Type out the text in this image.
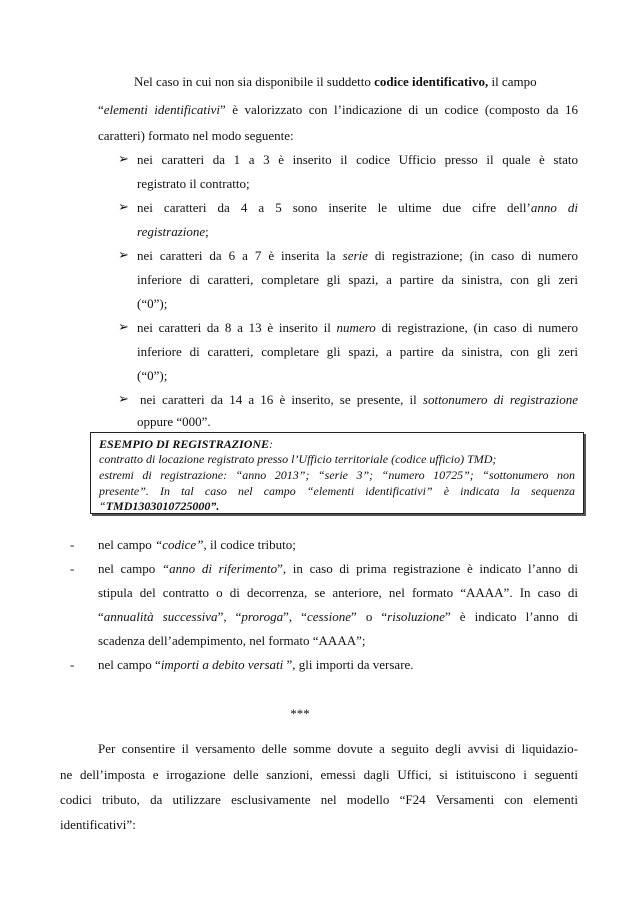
Nel caso in cui non sia disponibile il suddetto codice identificativo, il campo
“elementi identificativi” è valorizzato con l’indicazione di un codice (composto da 16
caratteri) formato nel modo seguente:
➢ nei caratteri da 1 a 3 è inserito il codice Ufficio presso il quale è stato
registrato il contratto;
➢ nei caratteri da 4 a 5 sono inserite le ultime due cifre dell’anno di
registrazione;
➢ nei caratteri da 6 a 7 è inserita la serie di registrazione; (in caso di numero
inferiore di caratteri, completare gli spazi, a partire da sinistra, con gli zeri
(“0”);
➢ nei caratteri da 8 a 13 è inserito il numero di registrazione, (in caso di numero
inferiore di caratteri, completare gli spazi, a partire da sinistra, con gli zeri
(“0”);
➢ nei caratteri da 14 a 16 è inserito, se presente, il sottonumero di registrazione
oppure “000”.
ESEMPIO DI REGISTRAZIONE:
contratto di locazione registrato presso l’Ufficio territoriale (codice ufficio) TMD;
estremi di registrazione: “anno 2013”; “serie 3”; “numero 10725”; “sottonumero non
presente”. In tal caso nel campo “elementi identificativi” è indicata la sequenza
“TMD1303010725000”.
- nel campo “codice”, il codice tributo;
- nel campo “anno di riferimento”, in caso di prima registrazione è indicato l’anno di
stipula del contratto o di decorrenza, se anteriore, nel formato “AAAA”. In caso di
“annualità successiva”, “proroga”, “cessione” o “risoluzione” è indicato l’anno di
scadenza dell’adempimento, nel formato “AAAA”;
- nel campo “importi a debito versati ”, gli importi da versare.
***
Per consentire il versamento delle somme dovute a seguito degli avvisi di liquidazio-
ne dell’imposta e irrogazione delle sanzioni, emessi dagli Uffici, si istituiscono i seguenti
codici tributo, da utilizzare esclusivamente nel modello “F24 Versamenti con elementi
identificativi”:
